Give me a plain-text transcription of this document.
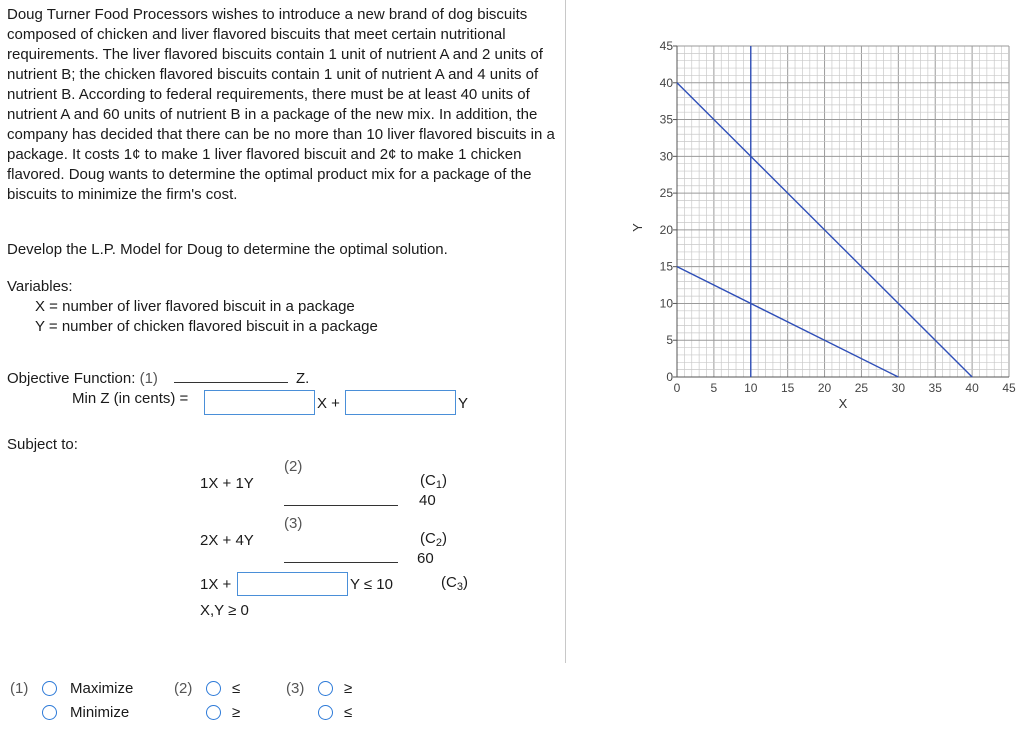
Doug Turner Food Processors wishes to introduce a new brand of dog biscuits composed of chicken and liver flavored biscuits that meet certain nutritional requirements. The liver flavored biscuits contain 1 unit of nutrient A and 2 units of nutrient B; the chicken flavored biscuits contain 1 unit of nutrient A and 4 units of nutrient B. According to federal requirements, there must be at least 40 units of nutrient A and 60 units of nutrient B in a package of the new mix. In addition, the company has decided that there can be no more than 10 liver flavored biscuits in a package. It costs 1¢ to make 1 liver flavored biscuit and 2¢ to make 1 chicken flavored. Doug wants to determine the optimal product mix for a package of the biscuits to minimize the firm's cost.
Develop the L.P. Model for Doug to determine the optimal solution.
Variables:
X = number of liver flavored biscuit in a package
Y = number of chicken flavored biscuit in a package
Objective Function: (1)	Z.
Min Z (in cents) =	X +	Y
Subject to:
1X + 1Y
(2)
$(C_1)$
40
2X + 4Y
(3)
$(C_2)$
60
1X +	Y ≤ 10	$(C_3)$
X,Y ≥ 0
(1)	Maximize
Minimize
(2)	≤
≥
(3)	≥
≤
0	5 10 15 20 25 30 35 40 45
0
5
10
15
20
25
30
35
40
45
X
Y
